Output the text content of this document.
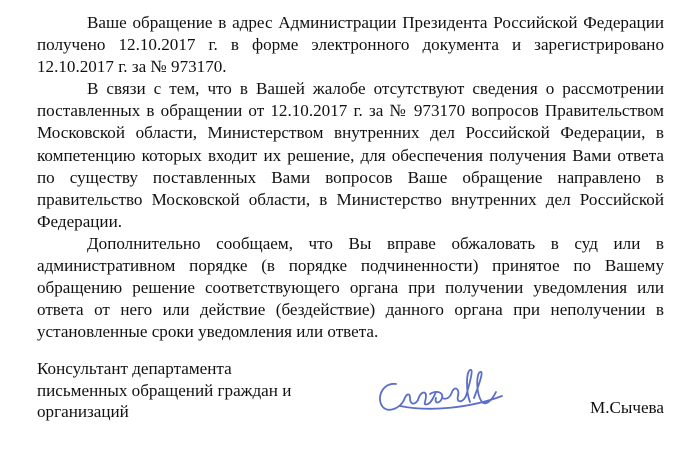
Ваше обращение в адрес Администрации Президента Российской Федерации получено 12.10.2017 г. в форме электронного документа и зарегистрировано 12.10.2017 г. за № 973170.

В связи с тем, что в Вашей жалобе отсутствуют сведения о рассмотрении поставленных в обращении от 12.10.2017 г. за № 973170 вопросов Правительством Московской области, Министерством внутренних дел Российской Федерации, в компетенцию которых входит их решение, для обеспечения получения Вами ответа по существу поставленных Вами вопросов Ваше обращение направлено в правительство Московской области, в Министерство внутренних дел Российской Федерации.

Дополнительно сообщаем, что Вы вправе обжаловать в суд или в административном порядке (в порядке подчиненности) принятое по Вашему обращению решение соответствующего органа при получении уведомления или ответа от него или действие (бездействие) данного органа при неполучении в установленные сроки уведомления или ответа.

Консультант департамента
письменных обращений граждан и
организаций	М.Сычева
